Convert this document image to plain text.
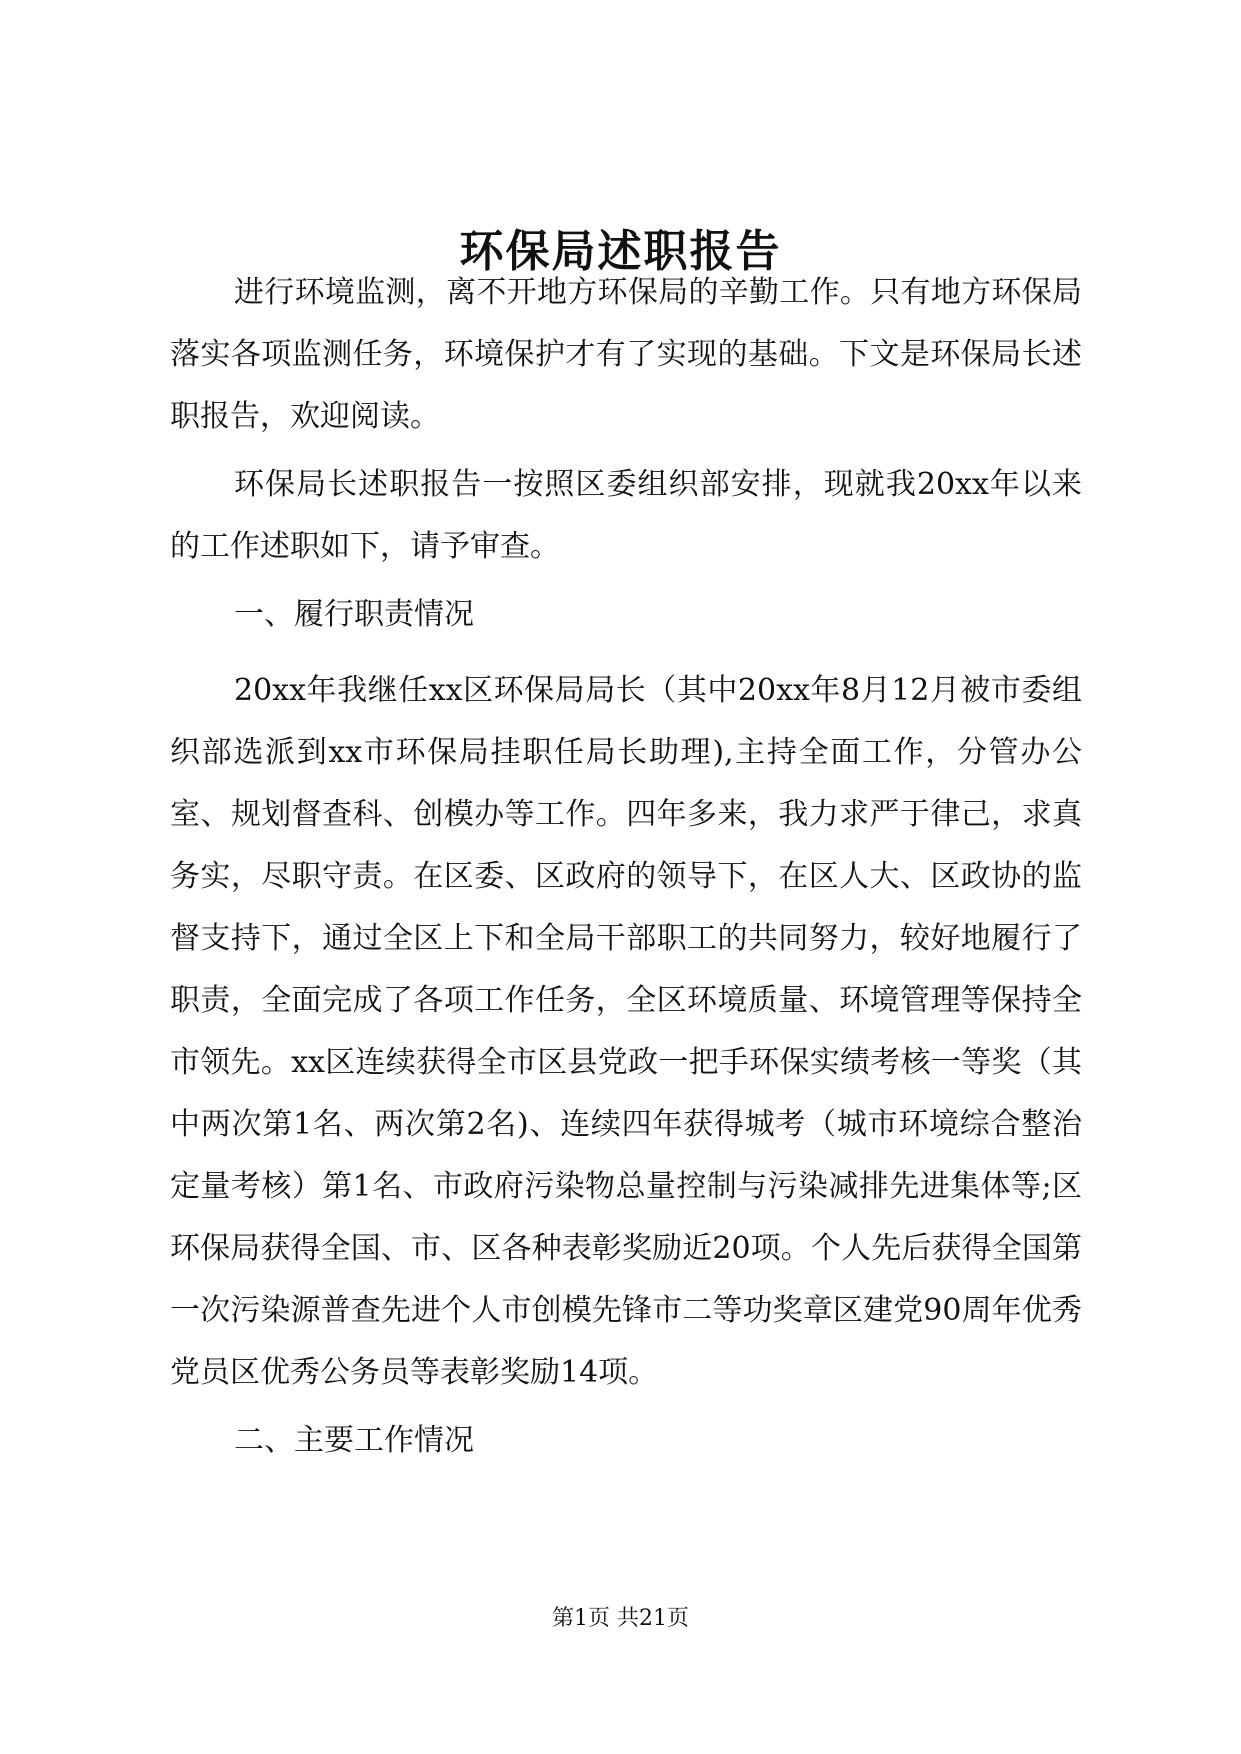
环保局述职报告

进行环境监测，离不开地方环保局的辛勤工作。只有地方环保局落实各项监测任务，环境保护才有了实现的基础。下文是环保局长述职报告，欢迎阅读。

环保局长述职报告一按照区委组织部安排，现就我20xx年以来的工作述职如下，请予审查。

一、履行职责情况

20xx年我继任xx区环保局局长（其中20xx年8月12月被市委组织部选派到xx市环保局挂职任局长助理),主持全面工作，分管办公室、规划督查科、创模办等工作。四年多来，我力求严于律己，求真务实，尽职守责。在区委、区政府的领导下，在区人大、区政协的监督支持下，通过全区上下和全局干部职工的共同努力，较好地履行了职责，全面完成了各项工作任务，全区环境质量、环境管理等保持全市领先。xx区连续获得全市区县党政一把手环保实绩考核一等奖（其中两次第1名、两次第2名)、连续四年获得城考（城市环境综合整治定量考核）第1名、市政府污染物总量控制与污染减排先进集体等;区环保局获得全国、市、区各种表彰奖励近20项。个人先后获得全国第一次污染源普查先进个人市创模先锋市二等功奖章区建党90周年优秀党员区优秀公务员等表彰奖励14项。

二、主要工作情况

第1页 共21页
